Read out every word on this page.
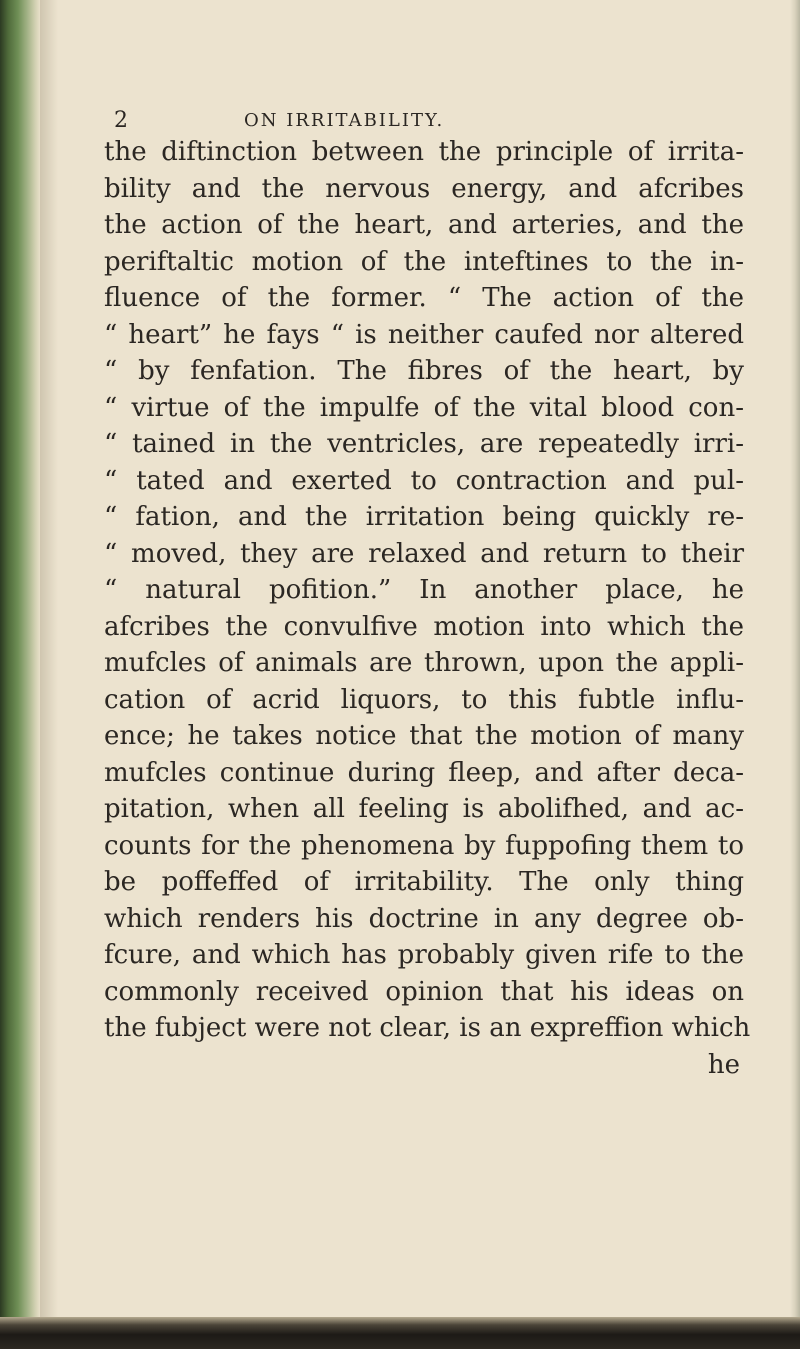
2	ON IRRITABILITY.
the diftinction between the principle of irrita-
bility and the nervous energy, and afcribes
the action of the heart, and arteries, and the
periftaltic motion of the inteftines to the in-
fluence of the former. “ The action of the
“ heart” he fays “ is neither caufed nor altered
“ by fenfation. The fibres of the heart, by
“ virtue of the impulfe of the vital blood con-
“ tained in the ventricles, are repeatedly irri-
“ tated and exerted to contraction and pul-
“ fation, and the irritation being quickly re-
“ moved, they are relaxed and return to their
“ natural pofition.” In another place, he
afcribes the convulfive motion into which the
mufcles of animals are thrown, upon the appli-
cation of acrid liquors, to this fubtle influ-
ence; he takes notice that the motion of many
mufcles continue during fleep, and after deca-
pitation, when all feeling is abolifhed, and ac-
counts for the phenomena by fuppofing them to
be poffeffed of irritability. The only thing
which renders his doctrine in any degree ob-
fcure, and which has probably given rife to the
commonly received opinion that his ideas on
the fubject were not clear, is an expreffion which
he
